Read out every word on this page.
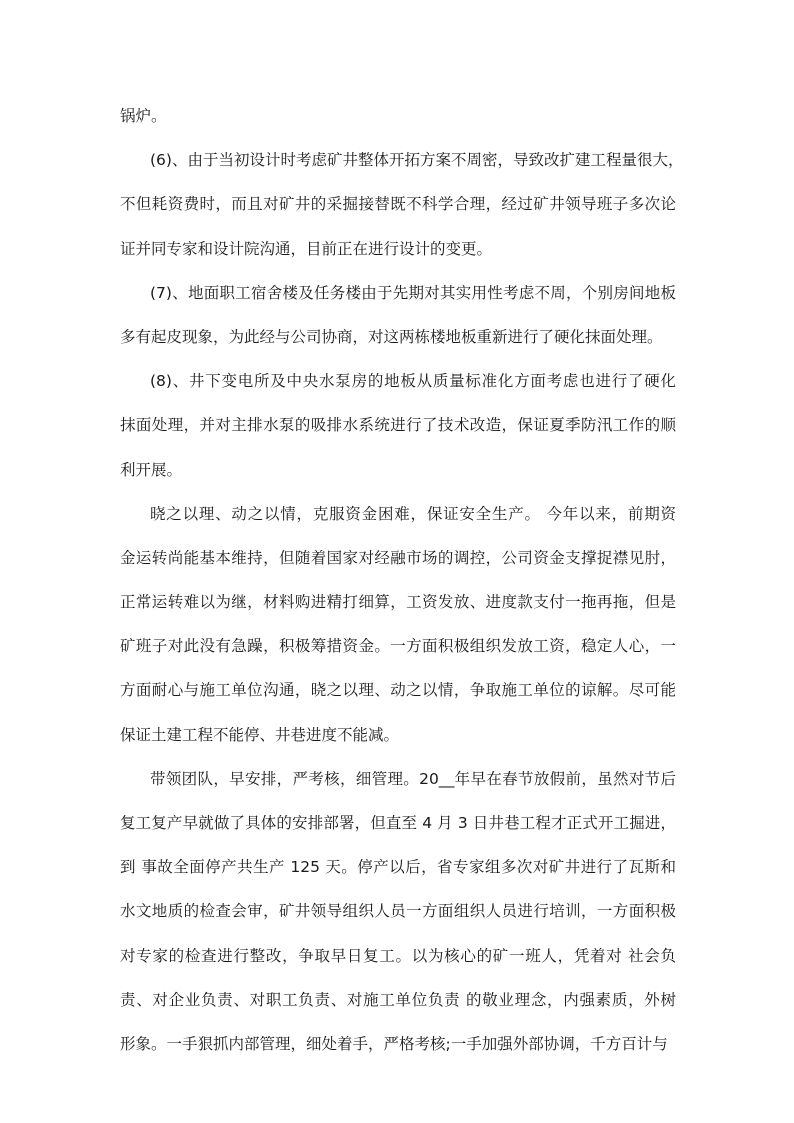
锅炉。
(6)、由于当初设计时考虑矿井整体开拓方案不周密，导致改扩建工程量很大，
不但耗资费时，而且对矿井的采掘接替既不科学合理，经过矿井领导班子多次论
证并同专家和设计院沟通，目前正在进行设计的变更。
(7)、地面职工宿舍楼及任务楼由于先期对其实用性考虑不周，个别房间地板
多有起皮现象，为此经与公司协商，对这两栋楼地板重新进行了硬化抹面处理。
(8)、井下变电所及中央水泵房的地板从质量标准化方面考虑也进行了硬化
抹面处理，并对主排水泵的吸排水系统进行了技术改造，保证夏季防汛工作的顺
利开展。
晓之以理、动之以情，克服资金困难，保证安全生产。 今年以来，前期资
金运转尚能基本维持，但随着国家对经融市场的调控，公司资金支撑捉襟见肘，
正常运转难以为继，材料购进精打细算，工资发放、进度款支付一拖再拖，但是
矿班子对此没有急躁，积极筹措资金。一方面积极组织发放工资，稳定人心，一
方面耐心与施工单位沟通，晓之以理、动之以情，争取施工单位的谅解。尽可能
保证土建工程不能停、井巷进度不能减。
带领团队，早安排，严考核，细管理。20__年早在春节放假前，虽然对节后
复工复产早就做了具体的安排部署，但直至 4 月 3 日井巷工程才正式开工掘进，
到 事故全面停产共生产 125 天。停产以后，省专家组多次对矿井进行了瓦斯和
水文地质的检查会审，矿井领导组织人员一方面组织人员进行培训，一方面积极
对专家的检查进行整改，争取早日复工。以为核心的矿一班人，凭着对 社会负
责、对企业负责、对职工负责、对施工单位负责 的敬业理念，内强素质，外树
形象。一手狠抓内部管理，细处着手，严格考核;一手加强外部协调，千方百计与
